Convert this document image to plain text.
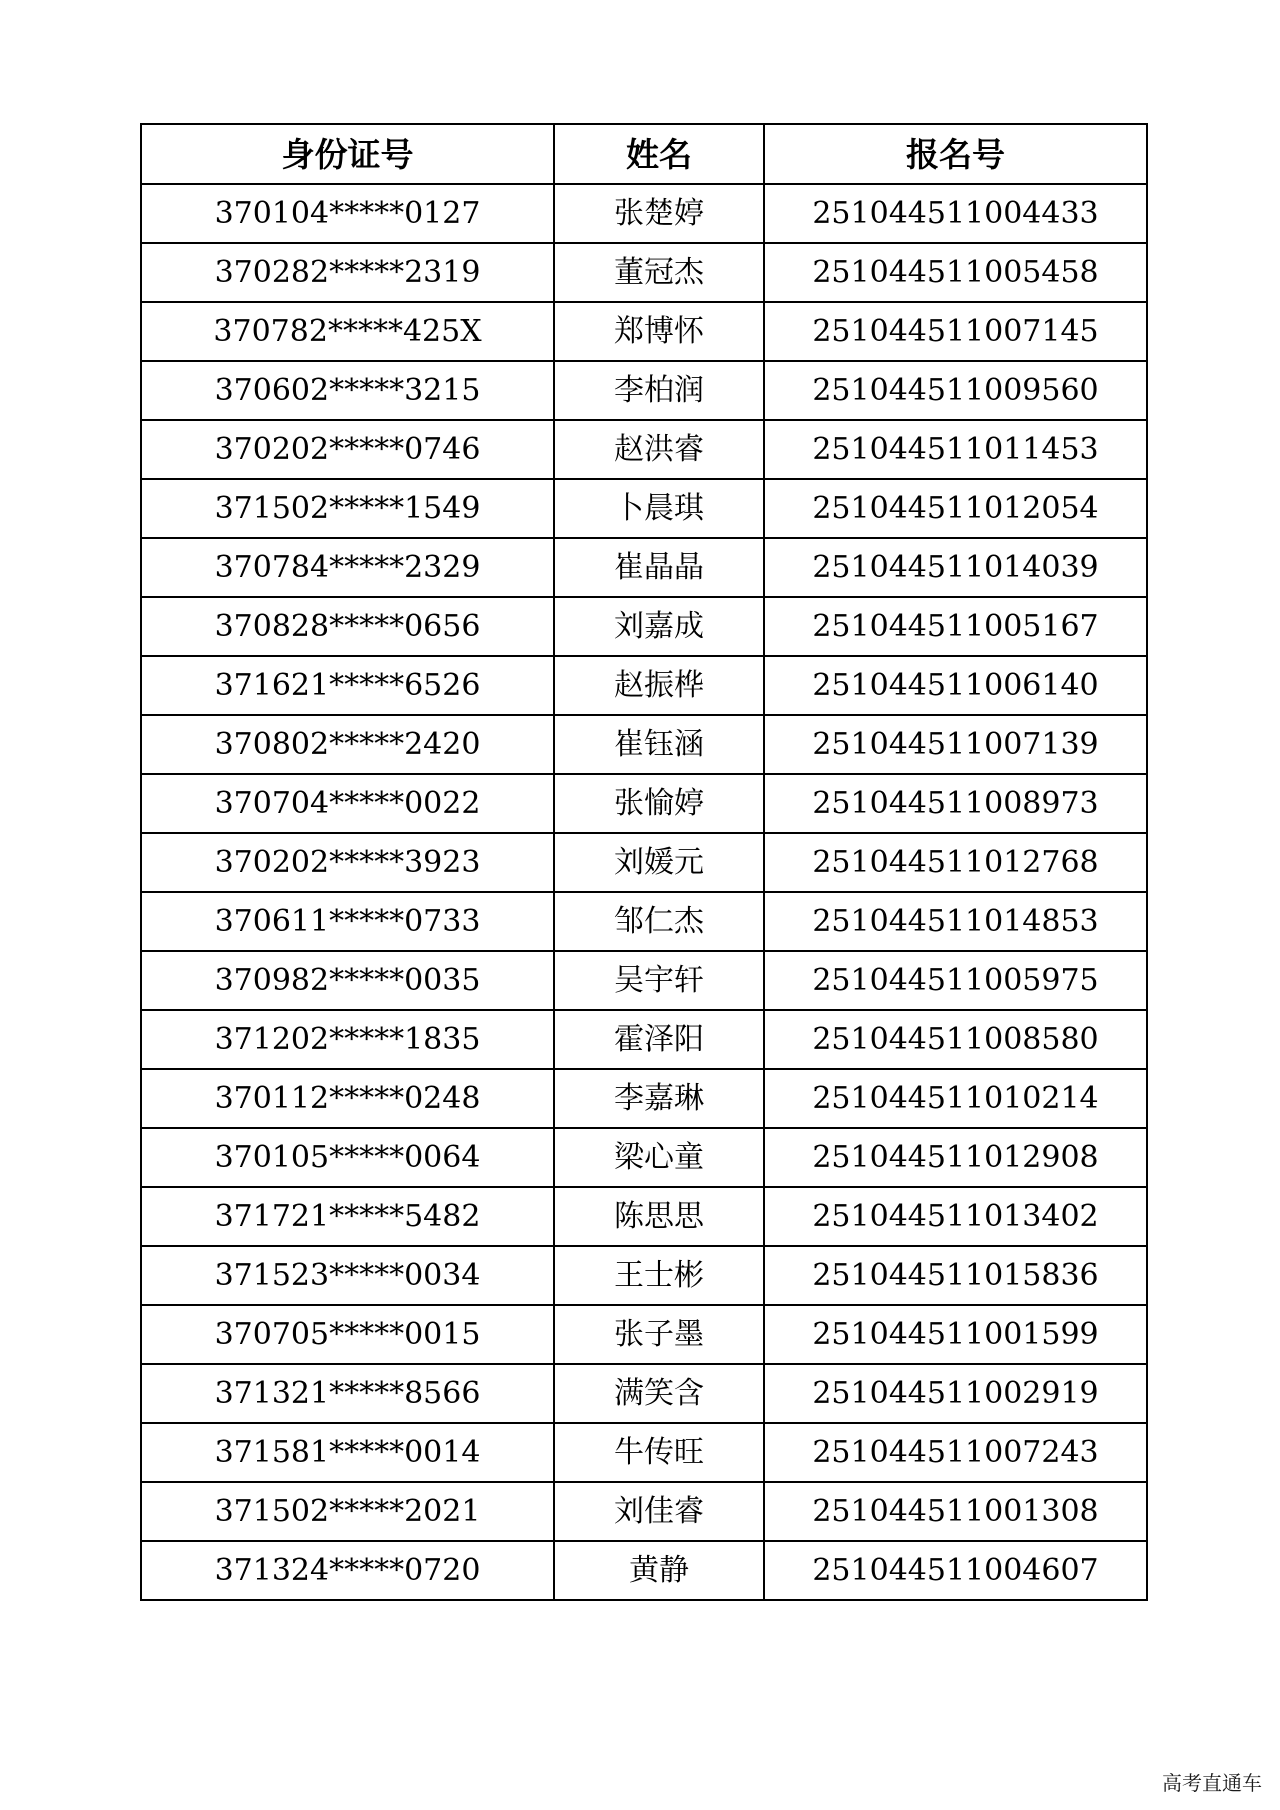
身份证号	姓名	报名号
370104*****0127	张楚婷	251044511004433
370282*****2319	董冠杰	251044511005458
370782*****425X	郑博怀	251044511007145
370602*****3215	李柏润	251044511009560
370202*****0746	赵洪睿	251044511011453
371502*****1549	卜晨琪	251044511012054
370784*****2329	崔晶晶	251044511014039
370828*****0656	刘嘉成	251044511005167
371621*****6526	赵振桦	251044511006140
370802*****2420	崔钰涵	251044511007139
370704*****0022	张愉婷	251044511008973
370202*****3923	刘媛元	251044511012768
370611*****0733	邹仁杰	251044511014853
370982*****0035	吴宇轩	251044511005975
371202*****1835	霍泽阳	251044511008580
370112*****0248	李嘉琳	251044511010214
370105*****0064	梁心童	251044511012908
371721*****5482	陈思思	251044511013402
371523*****0034	王士彬	251044511015836
370705*****0015	张子墨	251044511001599
371321*****8566	满笑含	251044511002919
371581*****0014	牛传旺	251044511007243
371502*****2021	刘佳睿	251044511001308
371324*****0720	黄静	251044511004607
高考直通车
